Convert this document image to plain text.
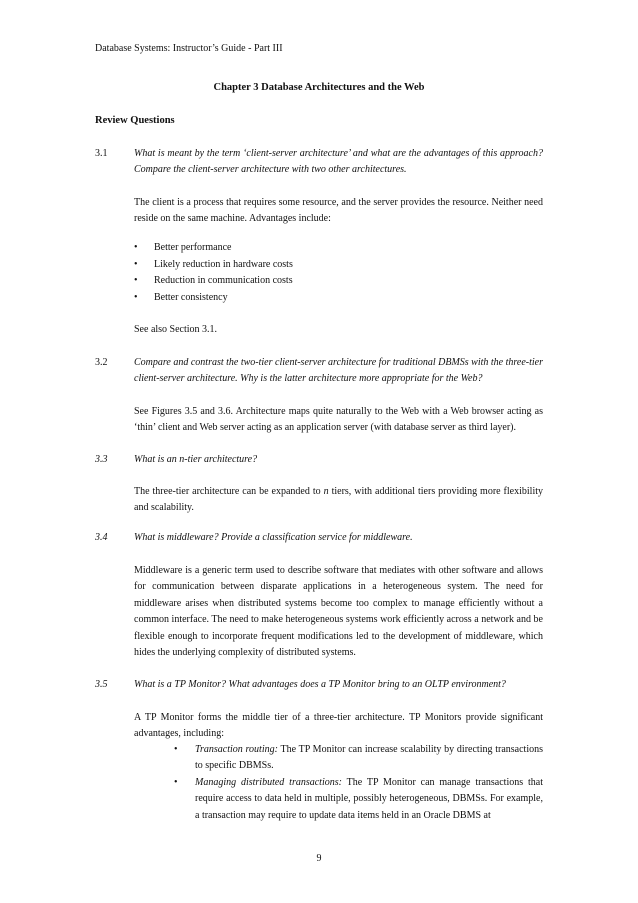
Database Systems: Instructor’s Guide - Part III
Chapter 3 Database Architectures and the Web
Review Questions
3.1	What is meant by the term ‘client-server architecture’ and what are the advantages of this approach? Compare the client-server architecture with two other architectures.
The client is a process that requires some resource, and the server provides the resource. Neither need reside on the same machine. Advantages include:
• Better performance
• Likely reduction in hardware costs
• Reduction in communication costs
• Better consistency
See also Section 3.1.
3.2	Compare and contrast the two-tier client-server architecture for traditional DBMSs with the three-tier client-server architecture. Why is the latter architecture more appropriate for the Web?
See Figures 3.5 and 3.6. Architecture maps quite naturally to the Web with a Web browser acting as ‘thin’ client and Web server acting as an application server (with database server as third layer).
3.3	What is an n-tier architecture?
The three-tier architecture can be expanded to n tiers, with additional tiers providing more flexibility and scalability.
3.4	What is middleware? Provide a classification service for middleware.
Middleware is a generic term used to describe software that mediates with other software and allows for communication between disparate applications in a heterogeneous system. The need for middleware arises when distributed systems become too complex to manage efficiently without a common interface. The need to make heterogeneous systems work efficiently across a network and be flexible enough to incorporate frequent modifications led to the development of middleware, which hides the underlying complexity of distributed systems.
3.5	What is a TP Monitor? What advantages does a TP Monitor bring to an OLTP environment?
A TP Monitor forms the middle tier of a three-tier architecture. TP Monitors provide significant advantages, including:
• Transaction routing: The TP Monitor can increase scalability by directing transactions to specific DBMSs.
• Managing distributed transactions: The TP Monitor can manage transactions that require access to data held in multiple, possibly heterogeneous, DBMSs. For example, a transaction may require to update data items held in an Oracle DBMS at
9
